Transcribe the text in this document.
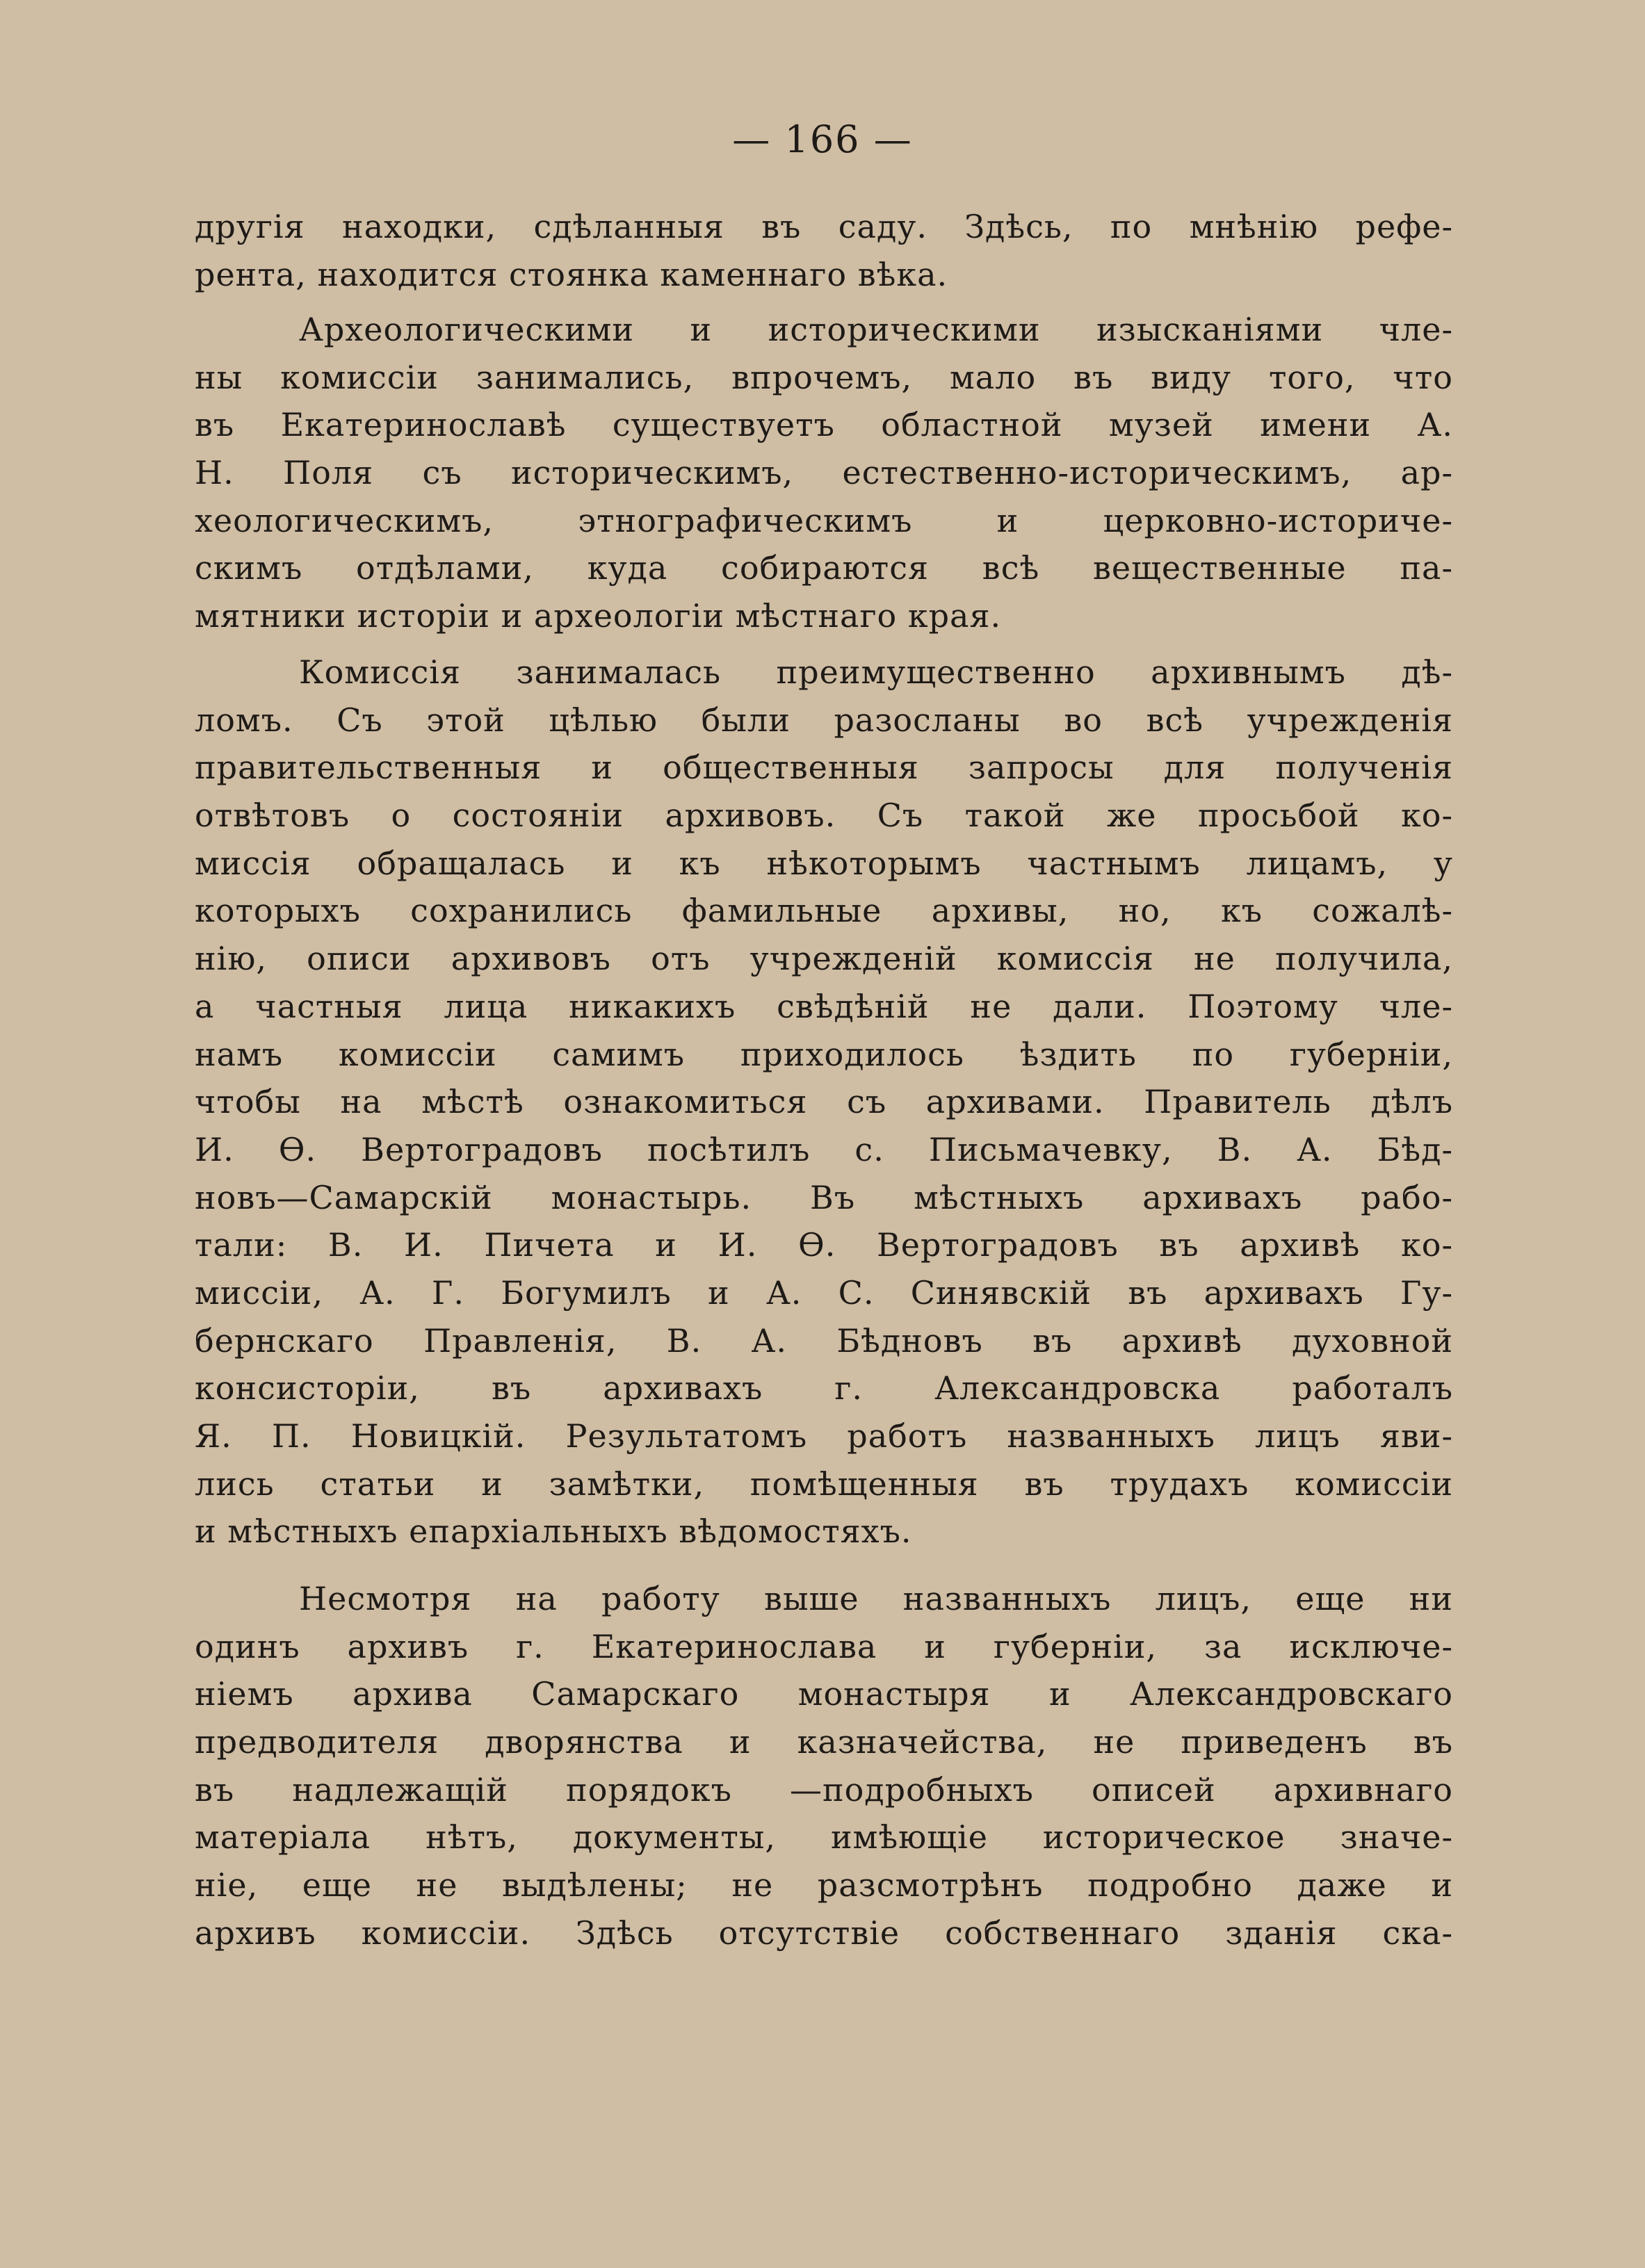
— 166 —
другія находки, сдѣланныя въ саду. Здѣсь, по мнѣнію рефе-
рента, находится стоянка каменнаго вѣка.
Археологическими и историческими изысканіями чле-
ны комиссіи занимались, впрочемъ, мало въ виду того, что
въ Екатеринославѣ существуетъ областной музей имени А.
Н. Поля съ историческимъ, естественно-историческимъ, ар-
хеологическимъ, этнографическимъ и церковно-историче-
скимъ отдѣлами, куда собираются всѣ вещественные па-
мятники исторіи и археологіи мѣстнаго края.
Комиссія занималась преимущественно архивнымъ дѣ-
ломъ. Съ этой цѣлью были разосланы во всѣ учрежденія
правительственныя и общественныя запросы для полученія
отвѣтовъ о состояніи архивовъ. Съ такой же просьбой ко-
миссія обращалась и къ нѣкоторымъ частнымъ лицамъ, у
которыхъ сохранились фамильные архивы, но, къ сожалѣ-
нію, описи архивовъ отъ учрежденій комиссія не получила,
а частныя лица никакихъ свѣдѣній не дали. Поэтому чле-
намъ комиссіи самимъ приходилось ѣздить по губерніи,
чтобы на мѣстѣ ознакомиться съ архивами. Правитель дѣлъ
И. Ѳ. Вертоградовъ посѣтилъ с. Письмачевку, В. А. Бѣд-
новъ—Самарскій монастырь. Въ мѣстныхъ архивахъ рабо-
тали: В. И. Пичета и И. Ѳ. Вертоградовъ въ архивѣ ко-
миссіи, А. Г. Богумилъ и А. С. Синявскій въ архивахъ Гу-
бернскаго Правленія, В. А. Бѣдновъ въ архивѣ духовной
консисторіи, въ архивахъ г. Александровска работалъ
Я. П. Новицкій. Результатомъ работъ названныхъ лицъ яви-
лись статьи и замѣтки, помѣщенныя въ трудахъ комиссіи
и мѣстныхъ епархіальныхъ вѣдомостяхъ.
Несмотря на работу выше названныхъ лицъ, еще ни
одинъ архивъ г. Екатеринослава и губерніи, за исключе-
ніемъ архива Самарскаго монастыря и Александровскаго
предводителя дворянства и казначейства, не приведенъ въ
въ надлежащій порядокъ —подробныхъ описей архивнаго
матеріала нѣтъ, документы, имѣющіе историческое значе-
ніе, еще не выдѣлены; не разсмотрѣнъ подробно даже и
архивъ комиссіи. Здѣсь отсутствіе собственнаго зданія ска-
